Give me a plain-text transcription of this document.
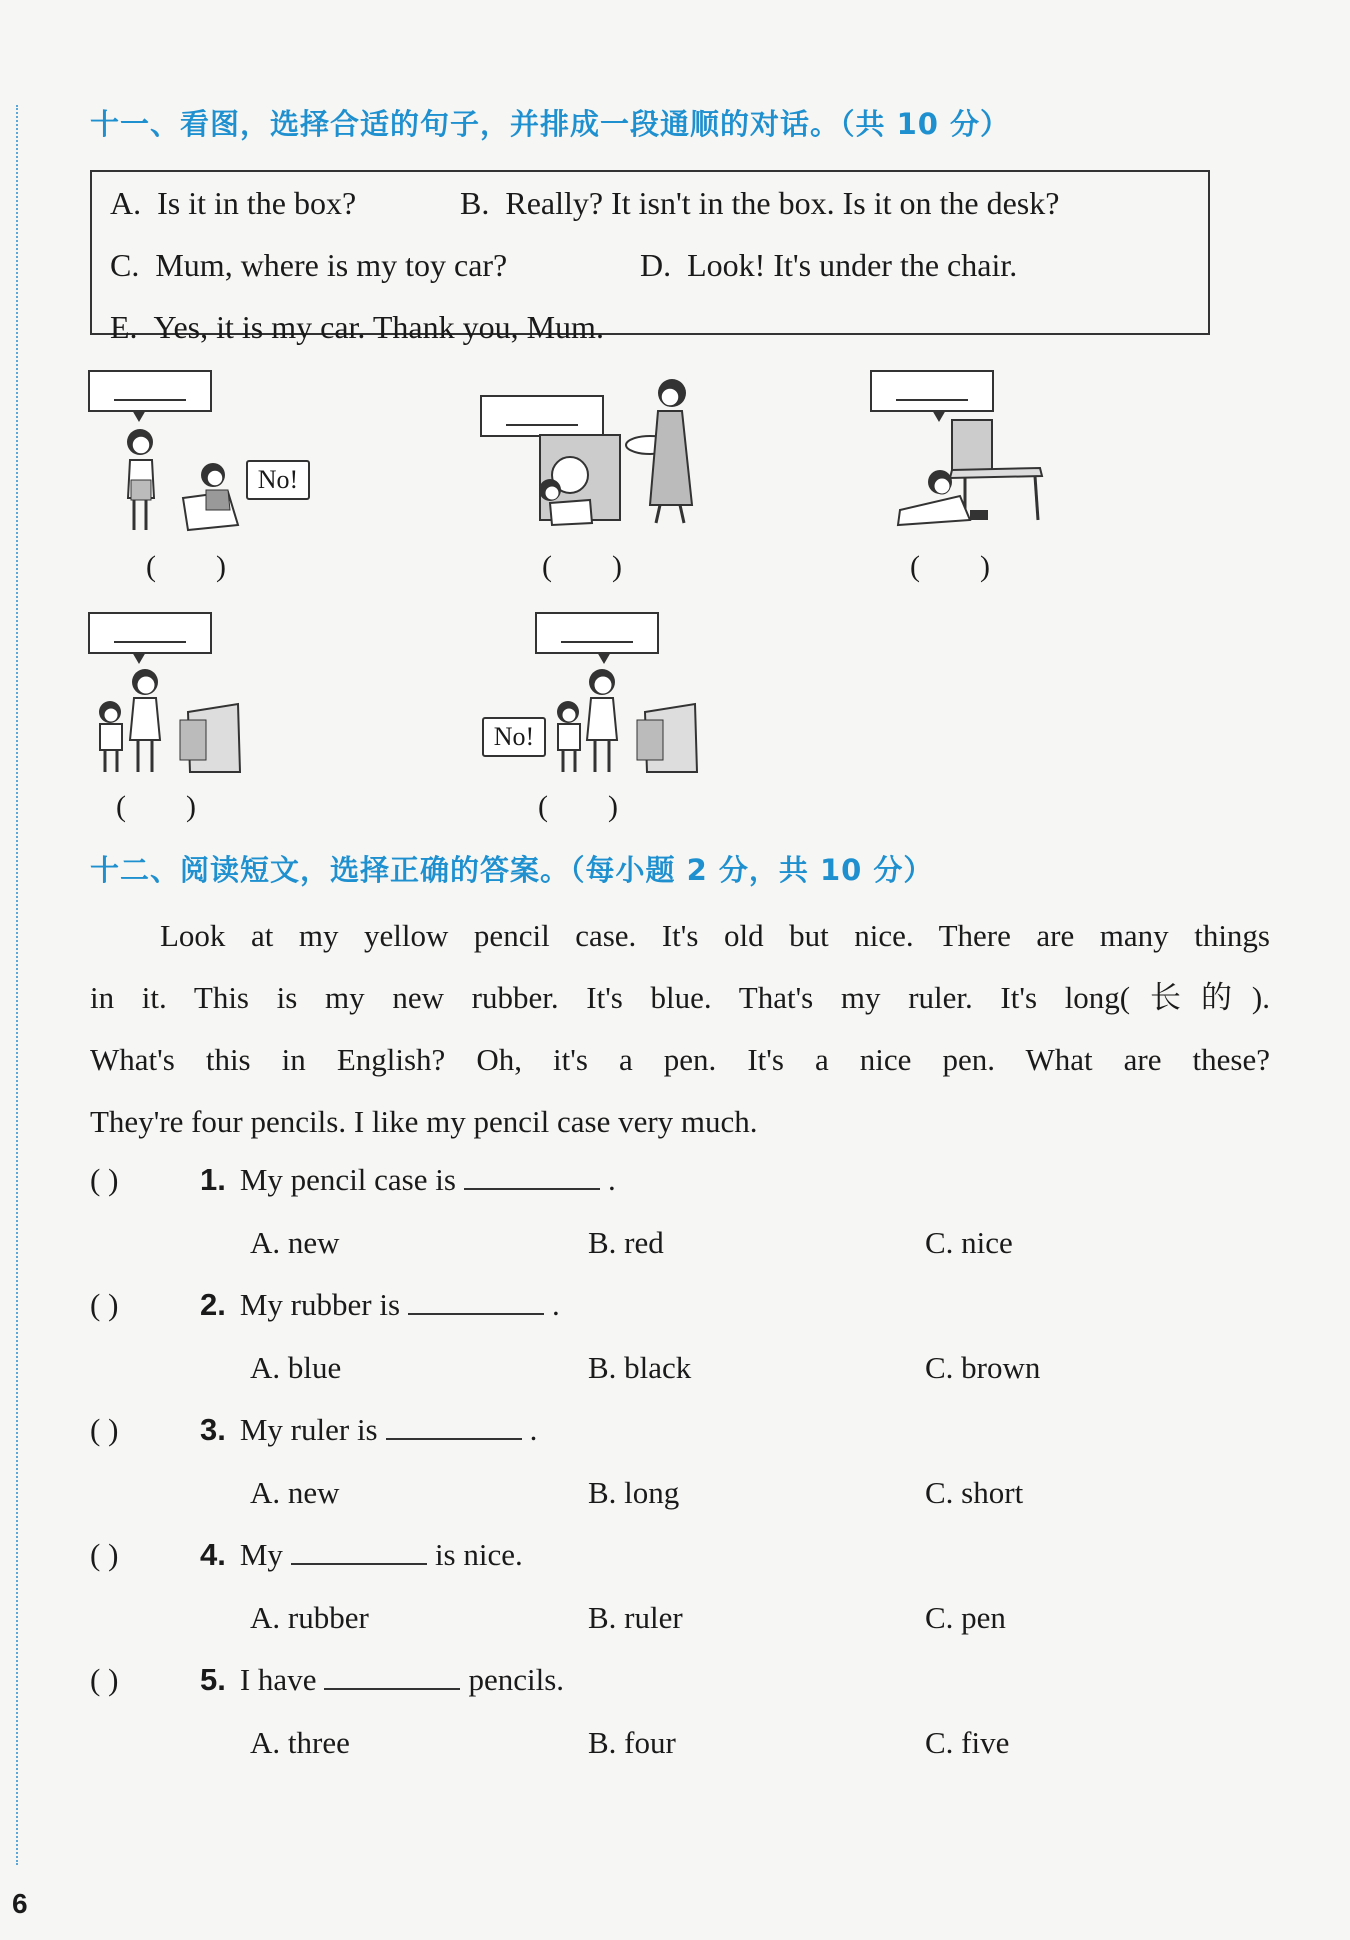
十一、看图，选择合适的句子，并排成一段通顺的对话。（共 10 分）
A. Is it in the box?	B. Really? It isn't in the box. Is it on the desk?
C. Mum, where is my toy car?	D. Look! It's under the chair.
E. Yes, it is my car. Thank you, Mum.
No!
(        )	(        )	(        )
(        )
No!
(        )
十二、阅读短文，选择正确的答案。（每小题 2 分，共 10 分）

Look at my yellow pencil case. It's old but nice. There are many things

in it. This is my new rubber. It's blue. That's my ruler. It's long(长的).

What's this in English? Oh, it's a pen. It's a nice pen. What are these?

They're four pencils. I like my pencil case very much.

( )	1. My pencil case is	.
A. new	B. red	C. nice
( )	2. My rubber is	.
A. blue	B. black	C. brown
( )	3. My ruler is	.
A. new	B. long	C. short
( )	4. My	is nice.
A. rubber	B. ruler	C. pen
( )	5. I have	pencils.
A. three	B. four	C. five
6
